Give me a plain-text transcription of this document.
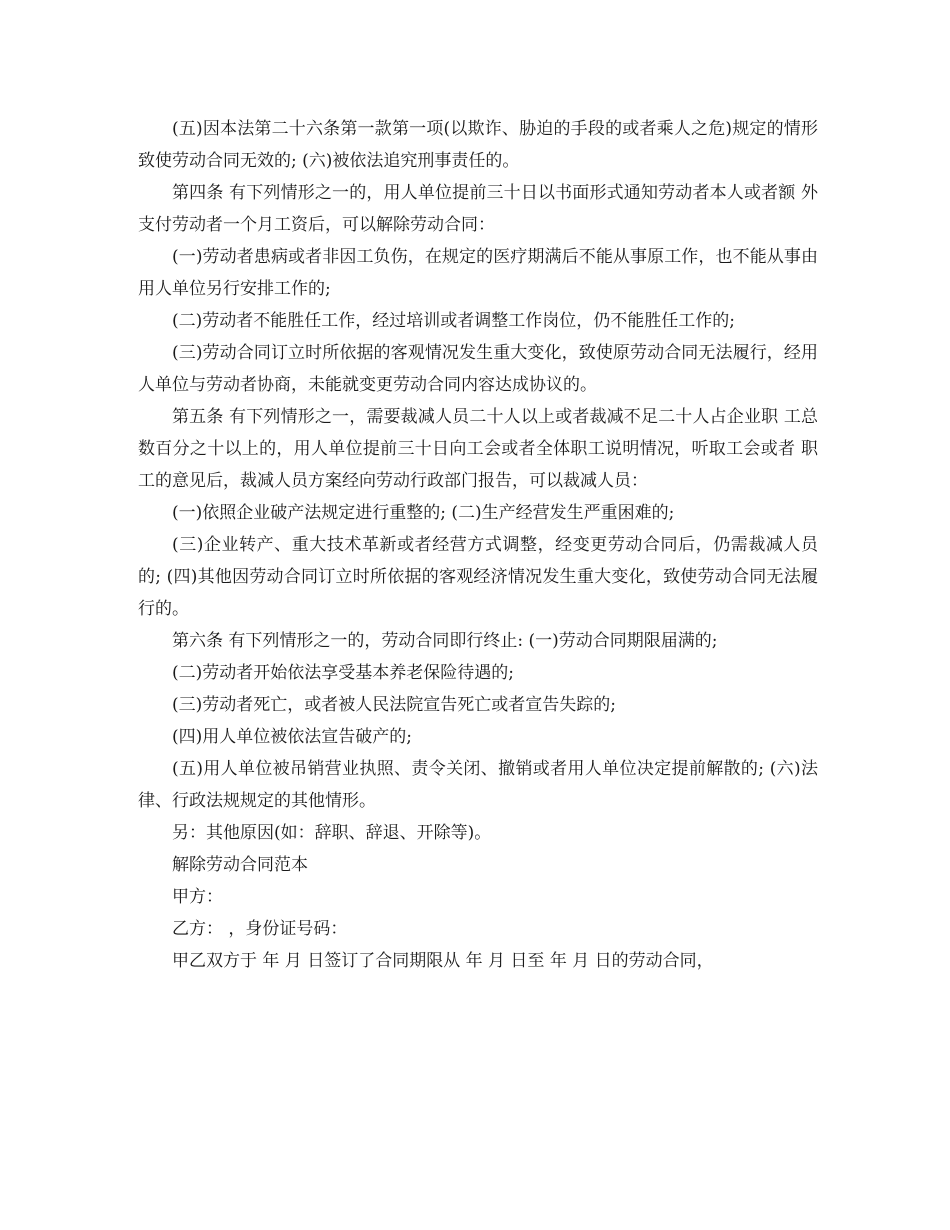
(五)因本法第二十六条第一款第一项(以欺诈、胁迫的手段的或者乘人之危)规定的情形致使劳动合同无效的; (六)被依法追究刑事责任的。

第四条 有下列情形之一的，用人单位提前三十日以书面形式通知劳动者本人或者额 外支付劳动者一个月工资后，可以解除劳动合同：

(一)劳动者患病或者非因工负伤，在规定的医疗期满后不能从事原工作，也不能从事由用人单位另行安排工作的;

(二)劳动者不能胜任工作，经过培训或者调整工作岗位，仍不能胜任工作的;

(三)劳动合同订立时所依据的客观情况发生重大变化，致使原劳动合同无法履行，经用 人单位与劳动者协商，未能就变更劳动合同内容达成协议的。

第五条 有下列情形之一，需要裁减人员二十人以上或者裁减不足二十人占企业职 工总数百分之十以上的，用人单位提前三十日向工会或者全体职工说明情况，听取工会或者 职工的意见后，裁减人员方案经向劳动行政部门报告，可以裁减人员：

(一)依照企业破产法规定进行重整的; (二)生产经营发生严重困难的;

(三)企业转产、重大技术革新或者经营方式调整，经变更劳动合同后，仍需裁减人员的; (四)其他因劳动合同订立时所依据的客观经济情况发生重大变化，致使劳动合同无法履 行的。

第六条 有下列情形之一的，劳动合同即行终止: (一)劳动合同期限届满的;

(二)劳动者开始依法享受基本养老保险待遇的;

(三)劳动者死亡，或者被人民法院宣告死亡或者宣告失踪的;

(四)用人单位被依法宣告破产的;

(五)用人单位被吊销营业执照、责令关闭、撤销或者用人单位决定提前解散的; (六)法律、行政法规规定的其他情形。

另：其他原因(如：辞职、辞退、开除等)。

解除劳动合同范本

甲方：

乙方： ，身份证号码：

甲乙双方于 年 月 日签订了合同期限从 年 月 日至 年 月 日的劳动合同，
